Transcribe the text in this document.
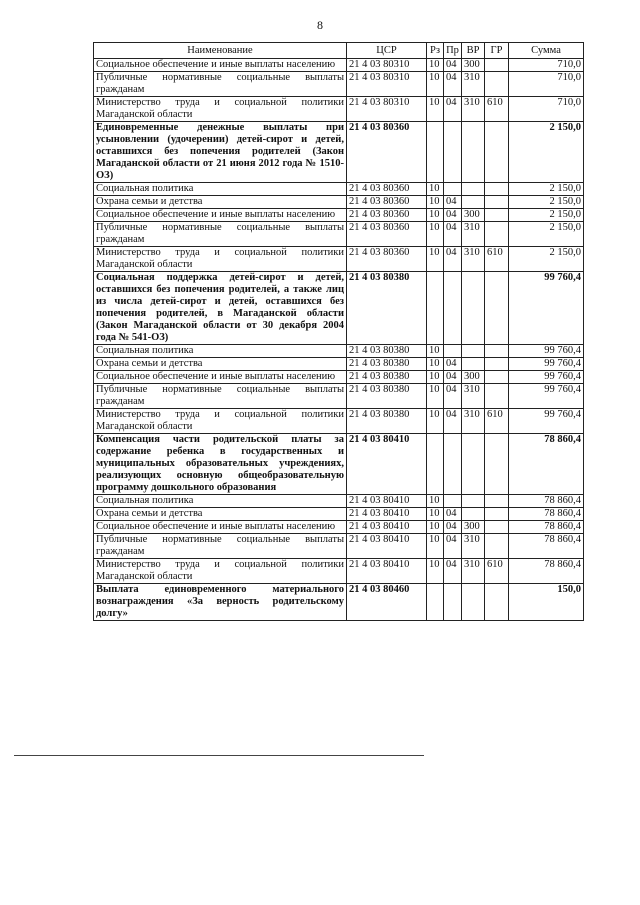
8
Наименование	ЦСР	Рз	Пр	ВР	ГР	Сумма
Социальное обеспечение и иные выплаты населению	21 4 03 80310	10	04	300		710,0
Публичные нормативные социальные выплаты гражданам	21 4 03 80310	10	04	310		710,0
Министерство труда и социальной политики Магаданской области	21 4 03 80310	10	04	310	610	710,0
Единовременные денежные выплаты при усыновлении (удочерении) детей-сирот и детей, оставшихся без попечения родителей (Закон Магаданской области от 21 июня 2012 года № 1510-ОЗ)	21 4 03 80360					2 150,0
Социальная политика	21 4 03 80360	10				2 150,0
Охрана семьи и детства	21 4 03 80360	10	04			2 150,0
Социальное обеспечение и иные выплаты населению	21 4 03 80360	10	04	300		2 150,0
Публичные нормативные социальные выплаты гражданам	21 4 03 80360	10	04	310		2 150,0
Министерство труда и социальной политики Магаданской области	21 4 03 80360	10	04	310	610	2 150,0
Социальная поддержка детей-сирот и детей, оставшихся без попечения родителей, а также лиц из числа детей-сирот и детей, оставшихся без попечения родителей, в Магаданской области (Закон Магаданской области от 30 декабря 2004 года № 541-ОЗ)	21 4 03 80380					99 760,4
Социальная политика	21 4 03 80380	10				99 760,4
Охрана семьи и детства	21 4 03 80380	10	04			99 760,4
Социальное обеспечение и иные выплаты населению	21 4 03 80380	10	04	300		99 760,4
Публичные нормативные социальные выплаты гражданам	21 4 03 80380	10	04	310		99 760,4
Министерство труда и социальной политики Магаданской области	21 4 03 80380	10	04	310	610	99 760,4
Компенсация части родительской платы за содержание ребенка в государственных и муниципальных образовательных учреждениях, реализующих основную общеобразовательную программу дошкольного образования	21 4 03 80410					78 860,4
Социальная политика	21 4 03 80410	10				78 860,4
Охрана семьи и детства	21 4 03 80410	10	04			78 860,4
Социальное обеспечение и иные выплаты населению	21 4 03 80410	10	04	300		78 860,4
Публичные нормативные социальные выплаты гражданам	21 4 03 80410	10	04	310		78 860,4
Министерство труда и социальной политики Магаданской области	21 4 03 80410	10	04	310	610	78 860,4
Выплата единовременного материального вознаграждения «За верность родительскому долгу»	21 4 03 80460					150,0
